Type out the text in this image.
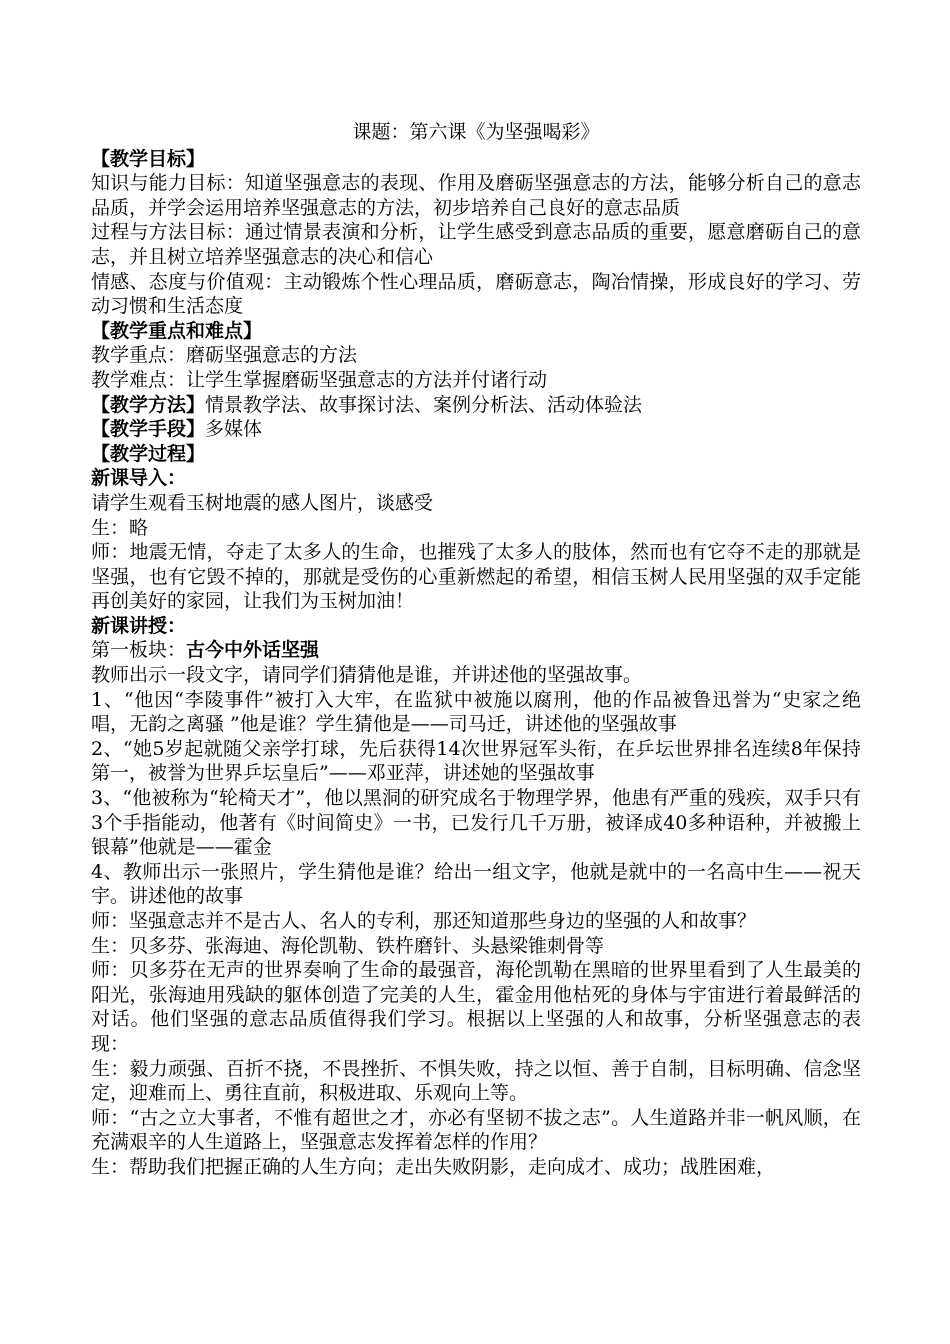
课题：第六课《为坚强喝彩》

【教学目标】

知识与能力目标：知道坚强意志的表现、作用及磨砺坚强意志的方法，能够分析自己的意志品质，并学会运用培养坚强意志的方法，初步培养自己良好的意志品质

过程与方法目标：通过情景表演和分析，让学生感受到意志品质的重要，愿意磨砺自己的意志，并且树立培养坚强意志的决心和信心

情感、态度与价值观：主动锻炼个性心理品质，磨砺意志，陶冶情操，形成良好的学习、劳动习惯和生活态度

【教学重点和难点】

教学重点：磨砺坚强意志的方法

教学难点：让学生掌握磨砺坚强意志的方法并付诸行动

【教学方法】情景教学法、故事探讨法、案例分析法、活动体验法

【教学手段】多媒体

【教学过程】

新课导入：

请学生观看玉树地震的感人图片，谈感受

生：略

师：地震无情，夺走了太多人的生命，也摧残了太多人的肢体，然而也有它夺不走的那就是坚强，也有它毁不掉的，那就是受伤的心重新燃起的希望，相信玉树人民用坚强的双手定能再创美好的家园，让我们为玉树加油！

新课讲授：

第一板块：古今中外话坚强

教师出示一段文字，请同学们猜猜他是谁，并讲述他的坚强故事。

1、“他因“李陵事件”被打入大牢，在监狱中被施以腐刑，他的作品被鲁迅誉为“史家之绝唱，无韵之离骚 ”他是谁？学生猜他是——司马迁，讲述他的坚强故事

2、“她5岁起就随父亲学打球，先后获得14次世界冠军头衔，在乒坛世界排名连续8年保持第一，被誉为世界乒坛皇后”——邓亚萍，讲述她的坚强故事

3、“他被称为“轮椅天才”，他以黑洞的研究成名于物理学界，他患有严重的残疾，双手只有3个手指能动，他著有《时间简史》一书，已发行几千万册，被译成40多种语种，并被搬上银幕”他就是——霍金

4、教师出示一张照片，学生猜他是谁？给出一组文字，他就是就中的一名高中生——祝天宇。讲述他的故事

师：坚强意志并不是古人、名人的专利，那还知道那些身边的坚强的人和故事？

生：贝多芬、张海迪、海伦凯勒、铁杵磨针、头悬梁锥刺骨等

师：贝多芬在无声的世界奏响了生命的最强音，海伦凯勒在黑暗的世界里看到了人生最美的阳光，张海迪用残缺的躯体创造了完美的人生，霍金用他枯死的身体与宇宙进行着最鲜活的对话。他们坚强的意志品质值得我们学习。根据以上坚强的人和故事，分析坚强意志的表现：

生：毅力顽强、百折不挠，不畏挫折、不惧失败，持之以恒、善于自制，目标明确、信念坚定，迎难而上、勇往直前，积极进取、乐观向上等。

师：“古之立大事者，不惟有超世之才，亦必有坚韧不拔之志”。人生道路并非一帆风顺，在充满艰辛的人生道路上，坚强意志发挥着怎样的作用？

生：帮助我们把握正确的人生方向；走出失败阴影，走向成才、成功；战胜困难，
